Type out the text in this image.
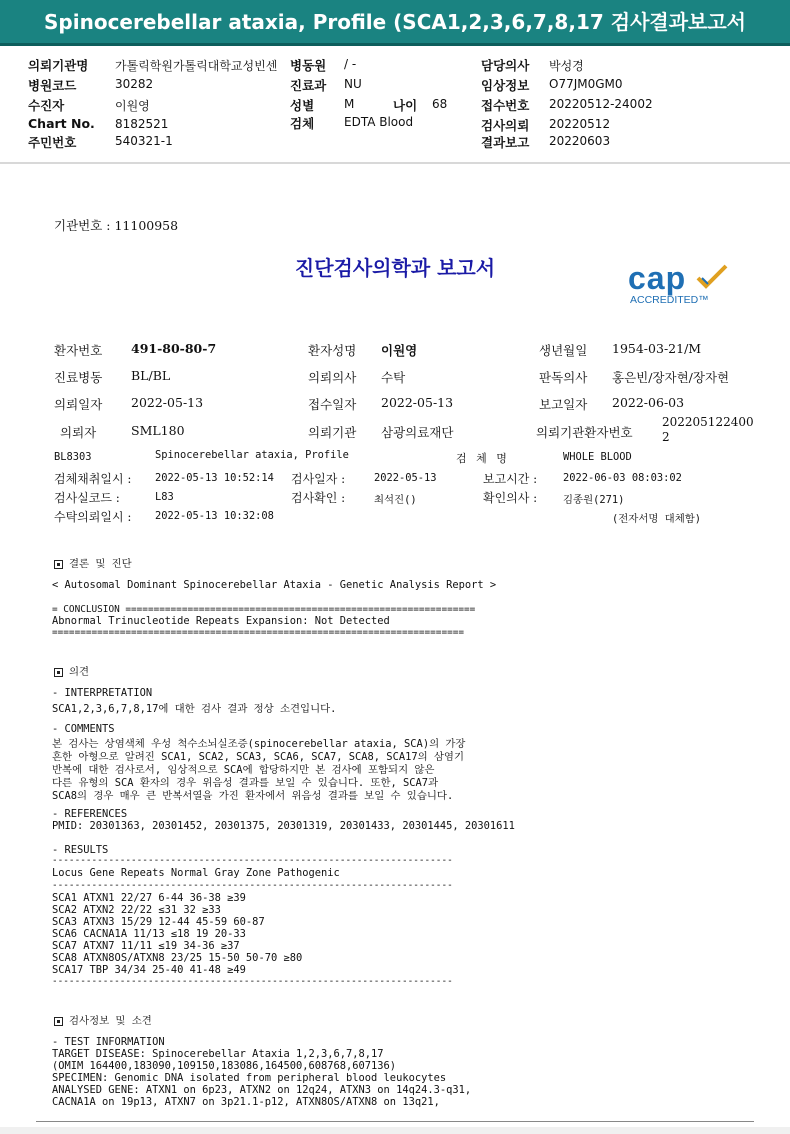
Spinocerebellar ataxia, Profile (SCA1,2,3,6,7,8,17 검사결과보고서
의뢰기관명 가톨릭학원가톨릭대학교성빈센 병동원 / -	담당의사 박성경
병원코드	30282	진료과 NU	임상정보 O77JM0GM0
수진자	이원영	성별 M	나이 68	접수번호 20220512-24002
Chart No. 8182521	검체 EDTA Blood	검사의뢰 20220512
주민번호	540321-1	결과보고 20220603
기관번호 : 11100958
진단검사의학과 보고서	cap
ACCREDITED™
환자번호 491-80-80-7	환자성명 이원영	생년월일 1954-03-21/M
진료병동 BL/BL	의뢰의사 수탁	판독의사 홍은빈/장자현/장자현
의뢰일자 2022-05-13	접수일자 2022-05-13	보고일자 2022-06-03
의뢰자	SML180	의뢰기관 삼광의료재단	의뢰기관환자번호
202205122400
2
BL8303	Spinocerebellar ataxia, Profile	검 체 명	WHOLE BLOOD
검체채취일시 : 2022-05-13 10:52:14 검사일자 :	2022-05-13	보고시간 : 2022-06-03 08:03:02
검사실코드 :	L83	검사확인 :	최석진()	확인의사 : 김종원(271)
수탁의뢰일시 : 2022-05-13 10:32:08	(전자서명 대체함)
결론 및 진단
< Autosomal Dominant Spinocerebellar Ataxia - Genetic Analysis Report >
= CONCLUSION ==============================================================
Abnormal Trinucleotide Repeats Expansion: Not Detected
=========================================================================
의견
- INTERPRETATION
SCA1,2,3,6,7,8,17에 대한 검사 결과 정상 소견입니다.
- COMMENTS
본 검사는 상염색체 우성 척수소뇌실조증(spinocerebellar ataxia, SCA)의 가장
흔한 아형으로 알려진 SCA1, SCA2, SCA3, SCA6, SCA7, SCA8, SCA17의 삼염기
반복에 대한 검사로서, 임상적으로 SCA에 합당하지만 본 검사에 포함되지 않은
다른 유형의 SCA 환자의 경우 위음성 결과를 보일 수 있습니다. 또한, SCA7과
SCA8의 경우 매우 큰 반복서열을 가진 환자에서 위음성 결과를 보일 수 있습니다.
- REFERENCES
PMID: 20301363, 20301452, 20301375, 20301319, 20301433, 20301445, 20301611
- RESULTS
-----------------------------------------------------------------------
Locus Gene Repeats Normal Gray Zone Pathogenic
-----------------------------------------------------------------------
SCA1 ATXN1 22/27 6-44 36-38 ≥39
SCA2 ATXN2 22/22 ≤31 32 ≥33
SCA3 ATXN3 15/29 12-44 45-59 60-87
SCA6 CACNA1A 11/13 ≤18 19 20-33
SCA7 ATXN7 11/11 ≤19 34-36 ≥37
SCA8 ATXN8OS/ATXN8 23/25 15-50 50-70 ≥80
SCA17 TBP 34/34 25-40 41-48 ≥49
-----------------------------------------------------------------------
검사정보 및 소견
- TEST INFORMATION
TARGET DISEASE: Spinocerebellar Ataxia 1,2,3,6,7,8,17
(OMIM 164400,183090,109150,183086,164500,608768,607136)
SPECIMEN: Genomic DNA isolated from peripheral blood leukocytes
ANALYSED GENE: ATXN1 on 6p23, ATXN2 on 12q24, ATXN3 on 14q24.3-q31,
CACNA1A on 19p13, ATXN7 on 3p21.1-p12, ATXN8OS/ATXN8 on 13q21,
